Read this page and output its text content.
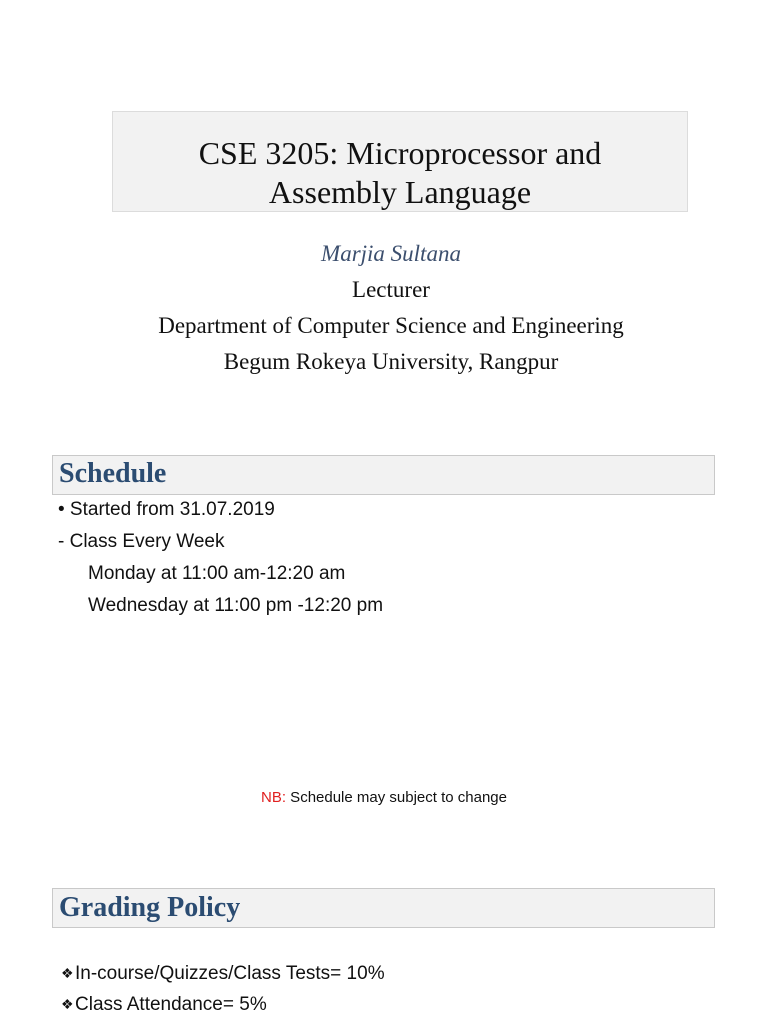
CSE 3205: Microprocessor and
Assembly Language
Marjia Sultana
Lecturer
Department of Computer Science and Engineering
Begum Rokeya University, Rangpur
Schedule
• Started from 31.07.2019
- Class Every Week
Monday at 11:00 am-12:20 am
Wednesday at 11:00 pm -12:20 pm
NB: Schedule may subject to change
Grading Policy
❖In-course/Quizzes/Class Tests= 10%
❖Class Attendance= 5%
